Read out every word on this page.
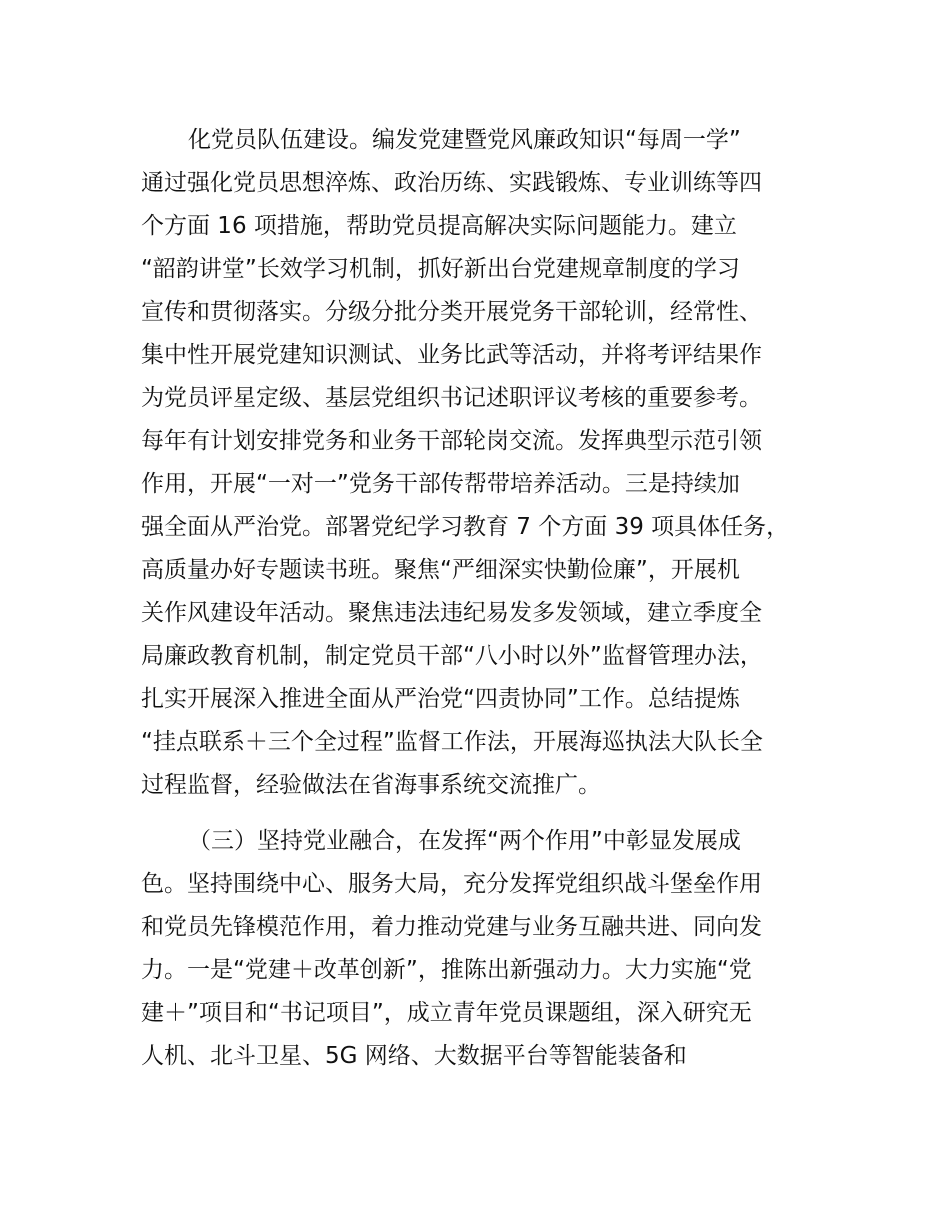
化党员队伍建设。编发党建暨党风廉政知识“每周一学”

通过强化党员思想淬炼、政治历练、实践锻炼、专业训练等四

个方面 16 项措施，帮助党员提高解决实际问题能力。建立

“韶韵讲堂”长效学习机制，抓好新出台党建规章制度的学习

宣传和贯彻落实。分级分批分类开展党务干部轮训，经常性、

集中性开展党建知识测试、业务比武等活动，并将考评结果作

为党员评星定级、基层党组织书记述职评议考核的重要参考。

每年有计划安排党务和业务干部轮岗交流。发挥典型示范引领

作用，开展“一对一”党务干部传帮带培养活动。三是持续加

强全面从严治党。部署党纪学习教育 7 个方面 39 项具体任务，

高质量办好专题读书班。聚焦“严细深实快勤俭廉”，开展机

关作风建设年活动。聚焦违法违纪易发多发领域，建立季度全

局廉政教育机制，制定党员干部“八小时以外”监督管理办法，

扎实开展深入推进全面从严治党“四责协同”工作。总结提炼

“挂点联系＋三个全过程”监督工作法，开展海巡执法大队长全

过程监督，经验做法在省海事系统交流推广。

（三）坚持党业融合，在发挥“两个作用”中彰显发展成

色。坚持围绕中心、服务大局，充分发挥党组织战斗堡垒作用

和党员先锋模范作用，着力推动党建与业务互融共进、同向发

力。一是“党建＋改革创新”，推陈出新强动力。大力实施“党

建＋”项目和“书记项目”，成立青年党员课题组，深入研究无

人机、北斗卫星、5G 网络、大数据平台等智能装备和
